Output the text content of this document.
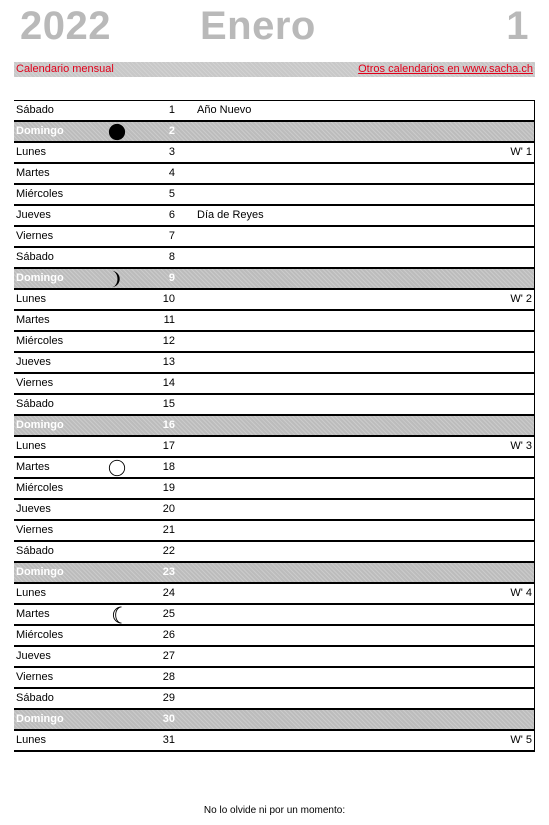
2022 Enero	1
Calendario mensual	Otros calendarios en www.sacha.ch
Sábado	1 Año Nuevo
Domingo	2
Lunes	3	W' 1
Martes	4
Miércoles	5
Jueves	6 Día de Reyes
Viernes	7
Sábado	8
Domingo	9
Lunes	10	W' 2
Martes	11
Miércoles	12
Jueves	13
Viernes	14
Sábado	15
Domingo	16
Lunes	17	W' 3
Martes	18
Miércoles	19
Jueves	20
Viernes	21
Sábado	22
Domingo	23
Lunes	24	W' 4
Martes	25
Miércoles	26
Jueves	27
Viernes	28
Sábado	29
Domingo	30
Lunes	31	W' 5
No lo olvide ni por un momento:
